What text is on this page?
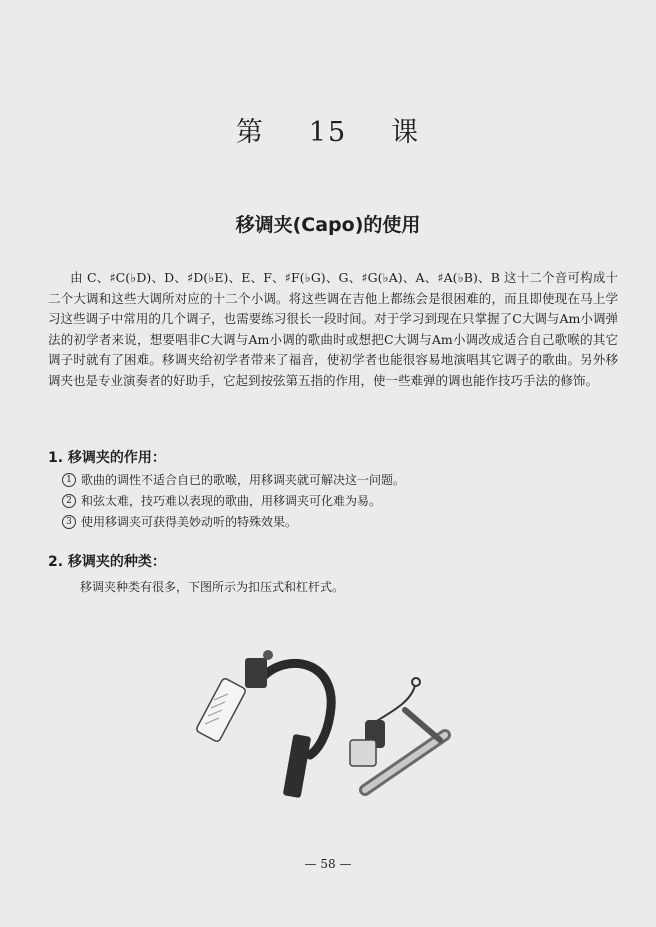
第 15 课
移调夹(Capo)的使用

由 C、♯C(♭D)、D、♯D(♭E)、E、F、♯F(♭G)、G、♯G(♭A)、A、♯A(♭B)、B 这十二个音可构成十二个大调和这些大调所对应的十二个小调。将这些调在吉他上都练会是很困难的，而且即使现在马上学习这些调子中常用的几个调子，也需要练习很长一段时间。对于学习到现在只掌握了C大调与Am小调弹法的初学者来说，想要唱非C大调与Am小调的歌曲时或想把C大调与Am小调改成适合自己歌喉的其它调子时就有了困难。移调夹给初学者带来了福音，使初学者也能很容易地演唱其它调子的歌曲。另外移调夹也是专业演奏者的好助手，它起到按弦第五指的作用，使一些难弹的调也能作技巧手法的修饰。

1. 移调夹的作用：
1 歌曲的调性不适合自已的歌喉，用移调夹就可解决这一问题。
2 和弦太难，技巧难以表现的歌曲，用移调夹可化难为易。
3 使用移调夹可获得美妙动听的特殊效果。
2. 移调夹的种类：
移调夹种类有很多，下图所示为扣压式和杠杆式。
— 58 —
